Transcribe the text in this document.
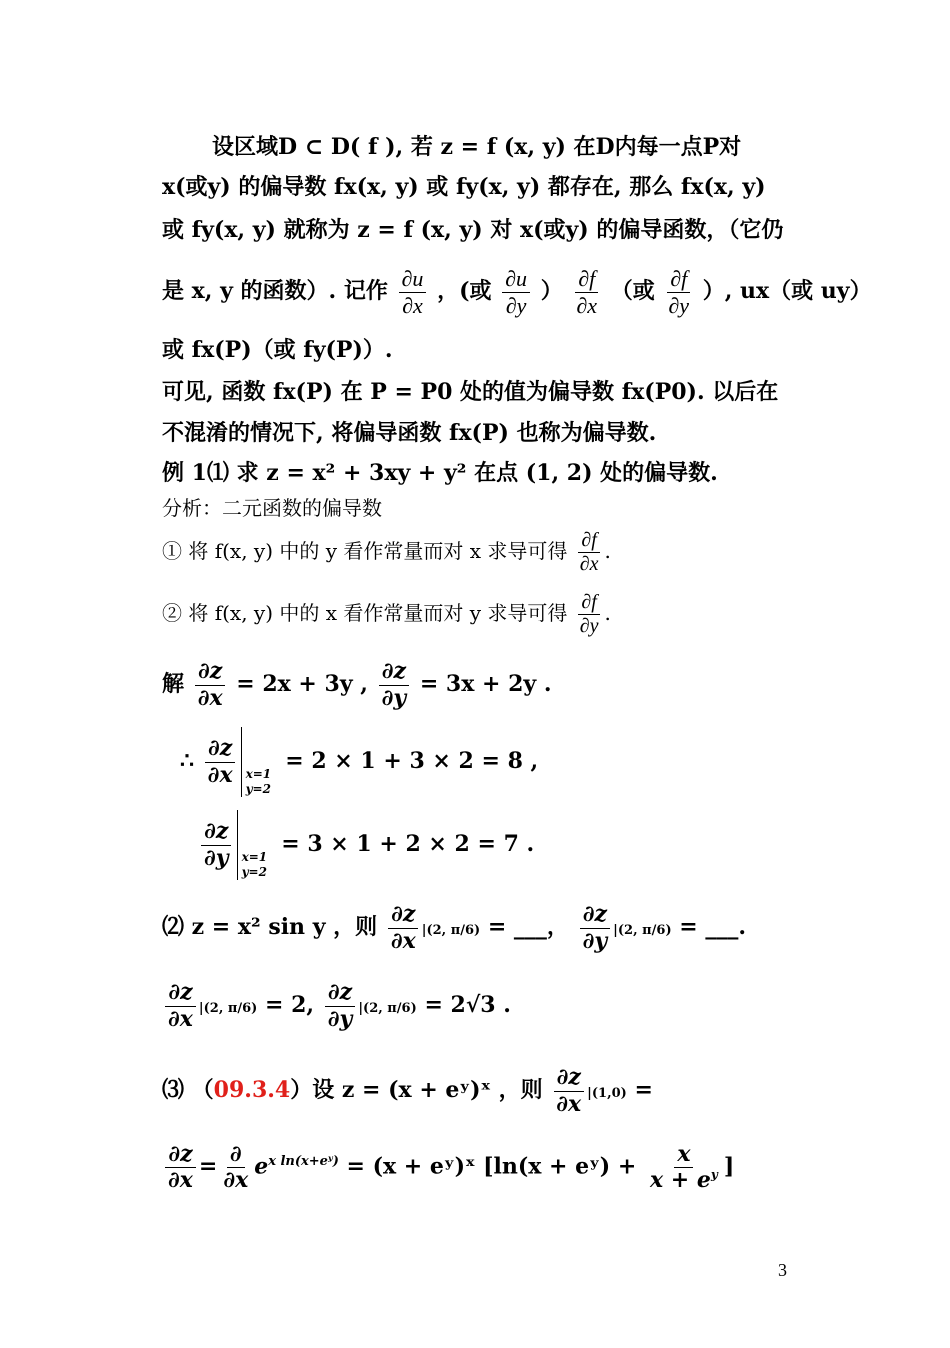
设区域D ⊂ D( f ), 若 z = f (x, y) 在D内每一点P对
x(或y) 的偏导数 fx(x, y) 或 fy(x, y) 都存在, 那么 fx(x, y)
或 fy(x, y) 就称为 z = f (x, y) 对 x(或y) 的偏导函数，（它仍
是 x, y 的函数）. 记作 $\frac{\partial u}{\partial x}$ ，(或 $\frac{\partial u}{\partial y}$ ） $\frac{\partial f}{\partial x}$ （或 $\frac{\partial f}{\partial y}$ ）, ux（或 uy）
或 fx(P)（或 fy(P)）.
可见, 函数 fx(P) 在 P = P0 处的值为偏导数 fx(P0). 以后在
不混淆的情况下, 将偏导函数 fx(P) 也称为偏导数.
例 1⑴ 求 z = x² + 3xy + y² 在点 (1, 2) 处的偏导数.
分析：二元函数的偏导数
① 将 f(x, y) 中的 y 看作常量而对 x 求导可得 $\frac{\partial f}{\partial x}$ .
② 将 f(x, y) 中的 x 看作常量而对 y 求导可得 $\frac{\partial f}{\partial y}$ .
解 $\frac{\partial z}{\partial x} = 2x + 3y$ , $\frac{\partial z}{\partial y} = 3x + 2y$ .
∴ $\frac{\partial z}{\partial x} x=1$
y=2
= 2 × 1 + 3 × 2 = 8 ,
$\frac{\partial z}{\partial y} x=1$
y=2
= 3 × 1 + 2 × 2 = 7 .
⑵ z = x² sin y ，则 $\frac{\partial z}{\partial x} |(2$, π/6) = ___， $\frac{\partial z}{\partial y} |(2$, π/6) = ___.
$\frac{\partial z}{\partial x} |(2$, π/6) = 2, $\frac{\partial z}{\partial y} |(2$, π/6) = 2√3 .
⑶ （09.3.4）设 z = (x + eʸ)ˣ ，则 $\frac{\partial z}{\partial x} |(1,0)$ =
$\frac{\partial z}{\partial x} = \frac{\partial}{\partial x} e^{x ln(x+eʸ)} = (x$ + eʸ)ˣ [ln(x + eʸ) + $\frac{x}{x + e^y}$ ]
3
